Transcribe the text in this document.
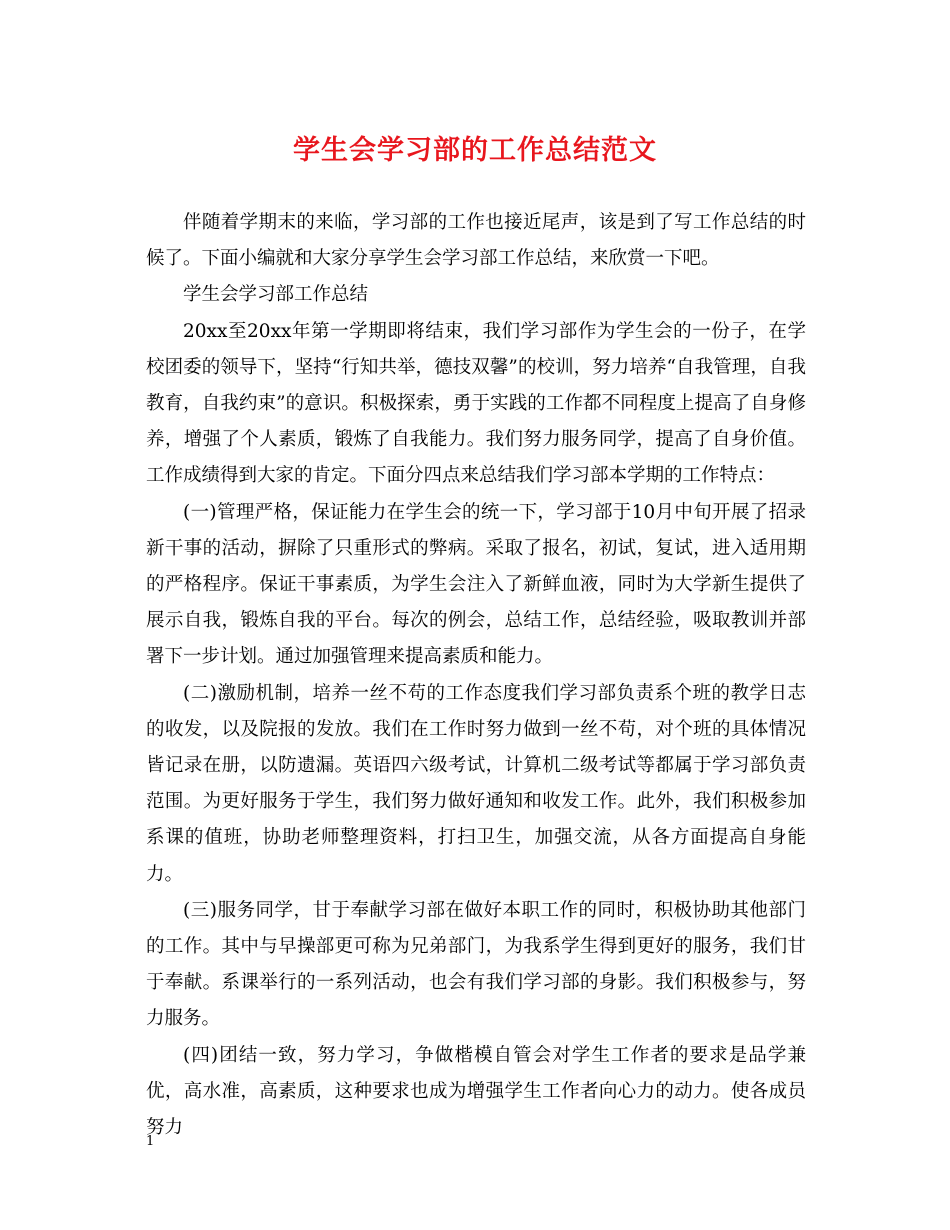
学生会学习部的工作总结范文

伴随着学期末的来临，学习部的工作也接近尾声，该是到了写工作总结的时候了。下面小编就和大家分享学生会学习部工作总结，来欣赏一下吧。

学生会学习部工作总结

20xx至20xx年第一学期即将结束，我们学习部作为学生会的一份子，在学校团委的领导下，坚持“行知共举，德技双馨”的校训，努力培养“自我管理，自我教育，自我约束”的意识。积极探索，勇于实践的工作都不同程度上提高了自身修养，增强了个人素质，锻炼了自我能力。我们努力服务同学，提高了自身价值。工作成绩得到大家的肯定。下面分四点来总结我们学习部本学期的工作特点：

(一)管理严格，保证能力在学生会的统一下，学习部于10月中旬开展了招录新干事的活动，摒除了只重形式的弊病。采取了报名，初试，复试，进入适用期的严格程序。保证干事素质，为学生会注入了新鲜血液，同时为大学新生提供了展示自我，锻炼自我的平台。每次的例会，总结工作，总结经验，吸取教训并部署下一步计划。通过加强管理来提高素质和能力。

(二)激励机制，培养一丝不苟的工作态度我们学习部负责系个班的教学日志的收发，以及院报的发放。我们在工作时努力做到一丝不苟，对个班的具体情况皆记录在册，以防遗漏。英语四六级考试，计算机二级考试等都属于学习部负责范围。为更好服务于学生，我们努力做好通知和收发工作。此外，我们积极参加系课的值班，协助老师整理资料，打扫卫生，加强交流，从各方面提高自身能力。

(三)服务同学，甘于奉献学习部在做好本职工作的同时，积极协助其他部门的工作。其中与早操部更可称为兄弟部门，为我系学生得到更好的服务，我们甘于奉献。系课举行的一系列活动，也会有我们学习部的身影。我们积极参与，努力服务。

(四)团结一致，努力学习，争做楷模自管会对学生工作者的要求是品学兼优，高水准，高素质，这种要求也成为增强学生工作者向心力的动力。使各成员努力

1
